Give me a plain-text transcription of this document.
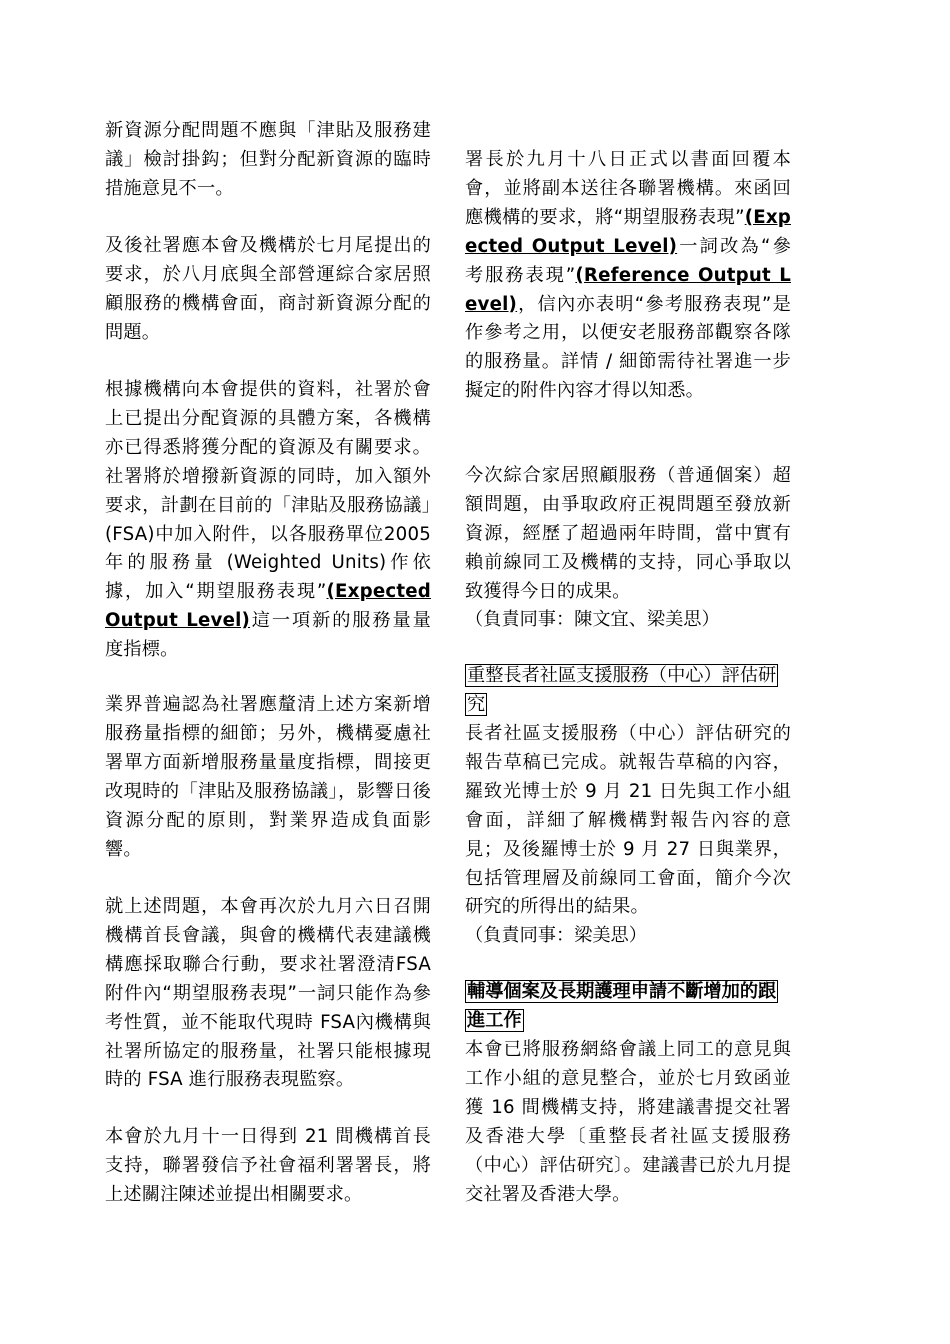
新資源分配問題不應與「津貼及服務建議」檢討掛鈎；但對分配新資源的臨時措施意見不一。

及後社署應本會及機構於七月尾提出的要求，於八月底與全部營運綜合家居照顧服務的機構會面，商討新資源分配的問題。

根據機構向本會提供的資料，社署於會上已提出分配資源的具體方案，各機構亦已得悉將獲分配的資源及有關要求。社署將於增撥新資源的同時，加入額外要求，計劃在目前的「津貼及服務協議」(FSA)中加入附件，以各服務單位2005 年的服務量 (Weighted Units)作依據，加入“期望服務表現”(Expected Output Level)這一項新的服務量量度指標。

業界普遍認為社署應釐清上述方案新增服務量指標的細節；另外，機構憂慮社署單方面新增服務量量度指標，間接更改現時的「津貼及服務協議」，影響日後資源分配的原則，對業界造成負面影響。

就上述問題，本會再次於九月六日召開機構首長會議，與會的機構代表建議機構應採取聯合行動，要求社署澄清FSA 附件內“期望服務表現”一詞只能作為參考性質，並不能取代現時 FSA內機構與社署所協定的服務量，社署只能根據現時的 FSA 進行服務表現監察。

本會於九月十一日得到 21 間機構首長支持，聯署發信予社會福利署署長，將上述關注陳述並提出相關要求。

署長於九月十八日正式以書面回覆本會，並將副本送往各聯署機構。來函回應機構的要求，將“期望服務表現”(Expected Output Level)一詞改為“參考服務表現”(Reference Output Level)，信內亦表明“參考服務表現”是作參考之用，以便安老服務部觀察各隊的服務量。詳情 / 細節需待社署進一步擬定的附件內容才得以知悉。

今次綜合家居照顧服務（普通個案）超額問題，由爭取政府正視問題至發放新資源，經歷了超過兩年時間，當中實有賴前線同工及機構的支持，同心爭取以致獲得今日的成果。

（負責同事：陳文宜、梁美思）

重整長者社區支援服務（中心）評估研究

長者社區支援服務（中心）評估研究的報告草稿已完成。就報告草稿的內容，羅致光博士於 9 月 21 日先與工作小組會面，詳細了解機構對報告內容的意見；及後羅博士於 9 月 27 日與業界，包括管理層及前線同工會面，簡介今次研究的所得出的結果。

（負責同事：梁美思）

輔導個案及長期護理申請不斷增加的跟進工作

本會已將服務網絡會議上同工的意見與工作小組的意見整合，並於七月致函並獲 16 間機構支持，將建議書提交社署及香港大學〔重整長者社區支援服務（中心）評估研究〕。建議書已於九月提交社署及香港大學。
